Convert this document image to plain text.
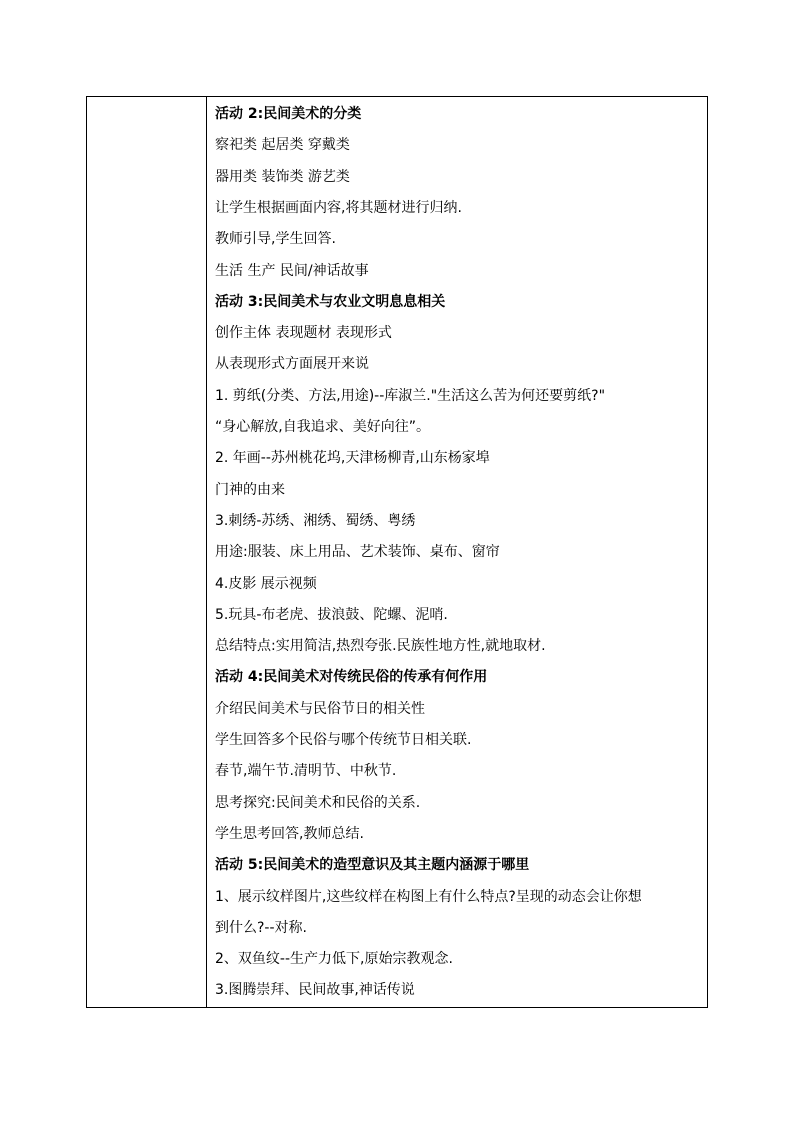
活动 2:民间美术的分类
察祀类 起居类 穿戴类
器用类 装饰类 游艺类
让学生根据画面内容,将其题材进行归纳.
教师引导,学生回答.
生活 生产 民间/神话故事
活动 3:民间美术与农业文明息息相关
创作主体 表现题材 表现形式
从表现形式方面展开来说
1. 剪纸(分类、方法,用途)--库淑兰."生活这么苦为何还要剪纸?"
“身心解放,自我追求、美好向往”。
2. 年画--苏州桃花坞,天津杨柳青,山东杨家埠
门神的由来
3.刺绣-苏绣、湘绣、蜀绣、粤绣
用途:服装、床上用品、艺术装饰、桌布、窗帘
4.皮影 展示视频
5.玩具-布老虎、拔浪鼓、陀螺、泥哨.
总结特点:实用简洁,热烈夸张.民族性地方性,就地取材.
活动 4:民间美术对传统民俗的传承有何作用
介绍民间美术与民俗节日的相关性
学生回答多个民俗与哪个传统节日相关联.
春节,端午节.清明节、中秋节.
思考探究:民间美术和民俗的关系.
学生思考回答,教师总结.
活动 5:民间美术的造型意识及其主题内涵源于哪里
1、展示纹样图片,这些纹样在构图上有什么特点?呈现的动态会让你想
到什么?--对称.
2、双鱼纹--生产力低下,原始宗教观念.
3.图腾崇拜、民间故事,神话传说
